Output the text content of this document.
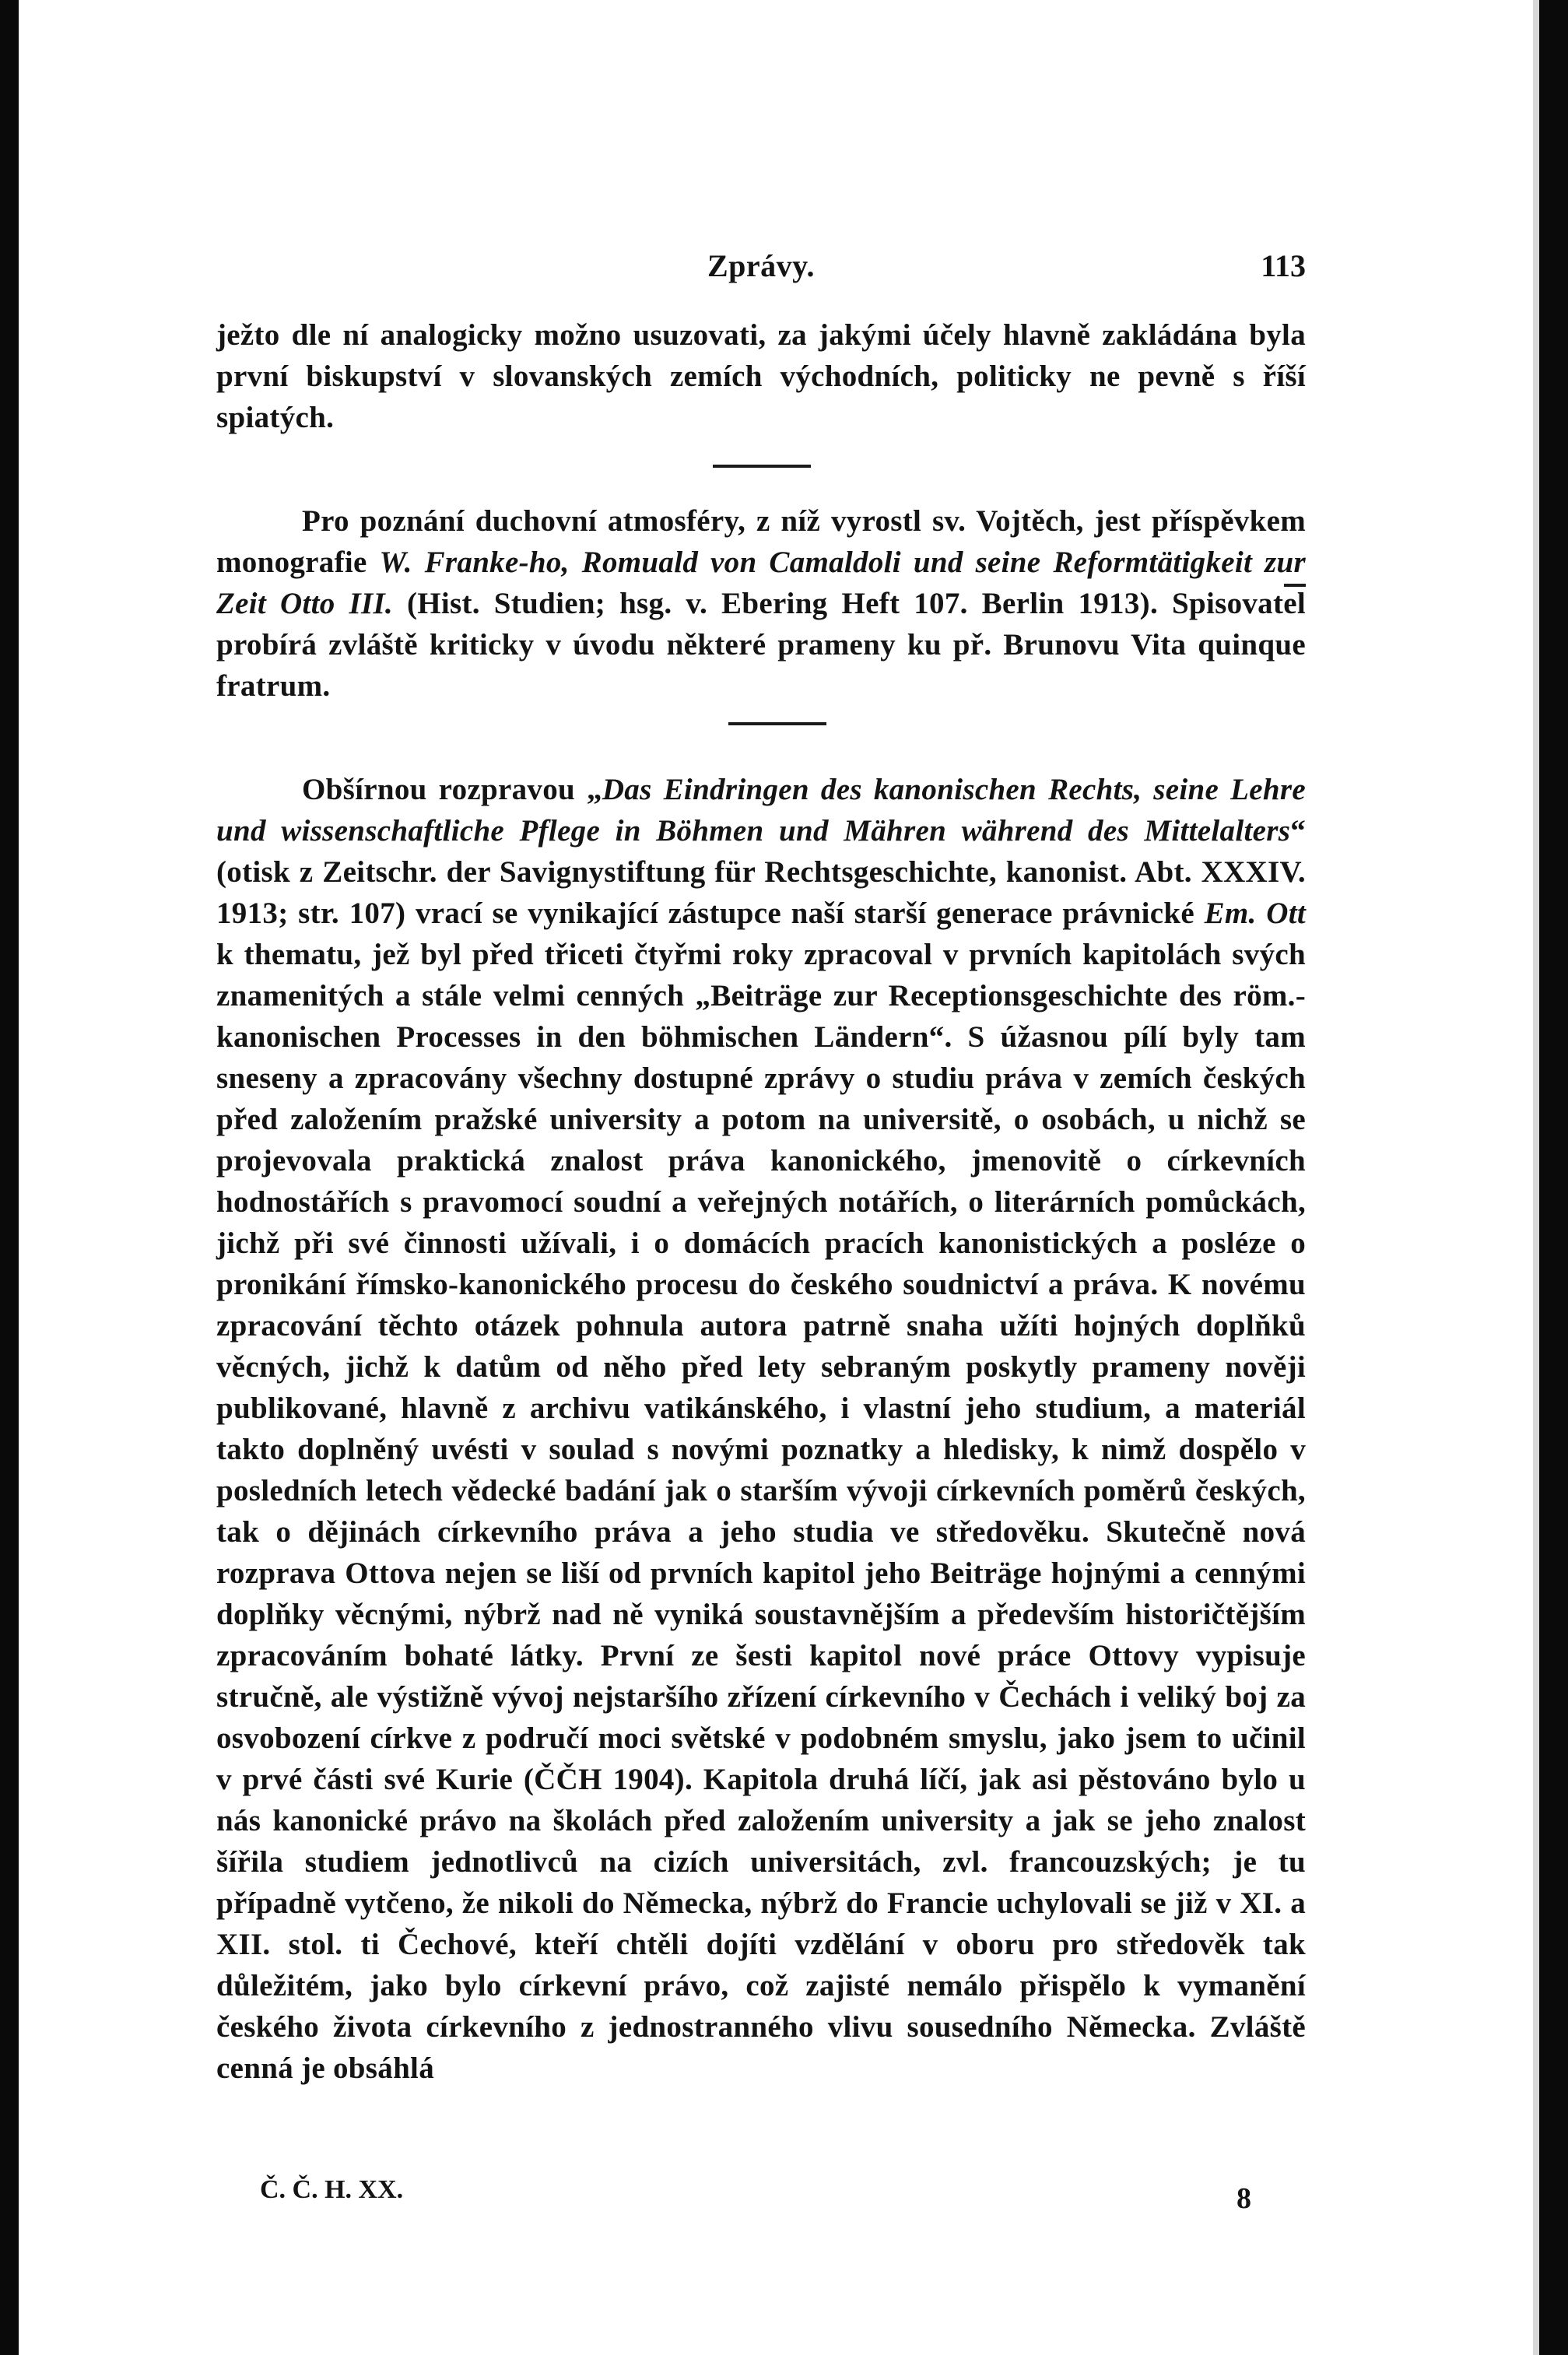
Zprávy.	113

ježto dle ní analogicky možno usuzovati, za jakými účely hlavně zakládána byla první biskupství v slovanských zemích východních, politicky ne pevně s říší spiatých.

Pro poznání duchovní atmosféry, z níž vyrostl sv. Vojtěch, jest příspěvkem monografie W. Franke-ho, Romuald von Camaldoli und seine Reformtätigkeit zur Zeit Otto III. (Hist. Studien; hsg. v. Ebering Heft 107. Berlin 1913). Spisovatel probírá zvláště kriticky v úvodu některé prameny ku př. Brunovu Vita quinque fratrum.

Obšírnou rozpravou „Das Eindringen des kanonischen Rechts, seine Lehre und wissenschaftliche Pflege in Böhmen und Mähren während des Mittelalters“ (otisk z Zeitschr. der Savignystiftung für Rechtsgeschichte, kanonist. Abt. XXXIV. 1913; str. 107) vrací se vynikající zástupce naší starší generace právnické Em. Ott k thematu, jež byl před třiceti čtyřmi roky zpracoval v prvních kapitolách svých znamenitých a stále velmi cenných „Beiträge zur Receptionsgeschichte des röm.-kanonischen Processes in den böhmischen Ländern“. S úžasnou pílí byly tam sneseny a zpracovány všechny dostupné zprávy o studiu práva v zemích českých před založením pražské university a potom na universitě, o osobách, u nichž se projevovala praktická znalost práva kanonického, jmenovitě o církevních hodnostářích s pravomocí soudní a veřejných notářích, o literárních pomůckách, jichž při své činnosti užívali, i o domácích pracích kanonistických a posléze o pronikání římsko-kanonického procesu do českého soudnictví a práva. K novému zpracování těchto otázek pohnula autora patrně snaha užíti hojných doplňků věcných, jichž k datům od něho před lety sebraným poskytly prameny nověji publikované, hlavně z archivu vatikánského, i vlastní jeho studium, a materiál takto doplněný uvésti v soulad s novými poznatky a hledisky, k nimž dospělo v posledních letech vědecké badání jak o starším vývoji církevních poměrů českých, tak o dějinách církevního práva a jeho studia ve středověku. Skutečně nová rozprava Ottova nejen se liší od prvních kapitol jeho Beiträge hojnými a cennými doplňky věcnými, nýbrž nad ně vyniká soustavnějším a především historičtějším zpracováním bohaté látky. První ze šesti kapitol nové práce Ottovy vypisuje stručně, ale výstižně vývoj nejstaršího zřízení církevního v Čechách i veliký boj za osvobození církve z područí moci světské v podobném smyslu, jako jsem to učinil v prvé části své Kurie (ČČH 1904). Kapitola druhá líčí, jak asi pěstováno bylo u nás kanonické právo na školách před založením university a jak se jeho znalost šířila studiem jednotlivců na cizích universitách, zvl. francouzských; je tu případně vytčeno, že nikoli do Německa, nýbrž do Francie uchylovali se již v XI. a XII. stol. ti Čechové, kteří chtěli dojíti vzdělání v oboru pro středověk tak důležitém, jako bylo církevní právo, což zajisté nemálo přispělo k vymanění českého života církevního z jednostranného vlivu sousedního Německa. Zvláště cenná je obsáhlá

Č. Č. H. XX.	8
